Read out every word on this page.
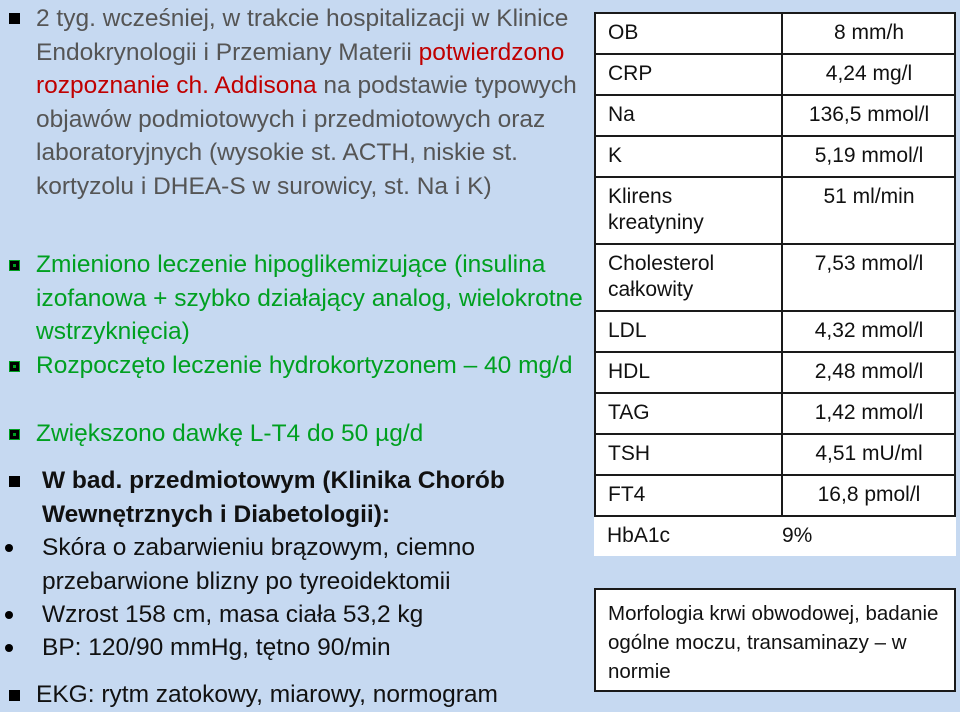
2 tyg. wcześniej, w trakcie hospitalizacji w Klinice Endokrynologii i Przemiany Materii potwierdzono rozpoznanie ch. Addisona na podstawie typowych objawów podmiotowych i przedmiotowych oraz laboratoryjnych (wysokie st. ACTH, niskie st. kortyzolu i DHEA-S w surowicy, st. Na i K)
Zmieniono leczenie hipoglikemizujące (insulina izofanowa + szybko działający analog, wielokrotne wstrzyknięcia)
Rozpoczęto leczenie hydrokortyzonem – 40 mg/d
Zwiększono dawkę L-T4 do 50 µg/d
W bad. przedmiotowym (Klinika Chorób Wewnętrznych i Diabetologii):
Skóra o zabarwieniu brązowym, ciemno przebarwione blizny po tyreoidektomii
Wzrost 158 cm, masa ciała 53,2 kg
BP: 120/90 mmHg, tętno 90/min
EKG: rytm zatokowy, miarowy, normogram
OB	8 mm/h
CRP	4,24 mg/l
Na	136,5 mmol/l
K	5,19 mmol/l
Klirens kreatyniny	51 ml/min
Cholesterol całkowity	7,53 mmol/l
LDL	4,32 mmol/l
HDL	2,48 mmol/l
TAG	1,42 mmol/l
TSH	4,51 mU/ml
FT4	16,8 pmol/l
HbA1c	9%
Morfologia krwi obwodowej, badanie ogólne moczu, transaminazy – w normie
